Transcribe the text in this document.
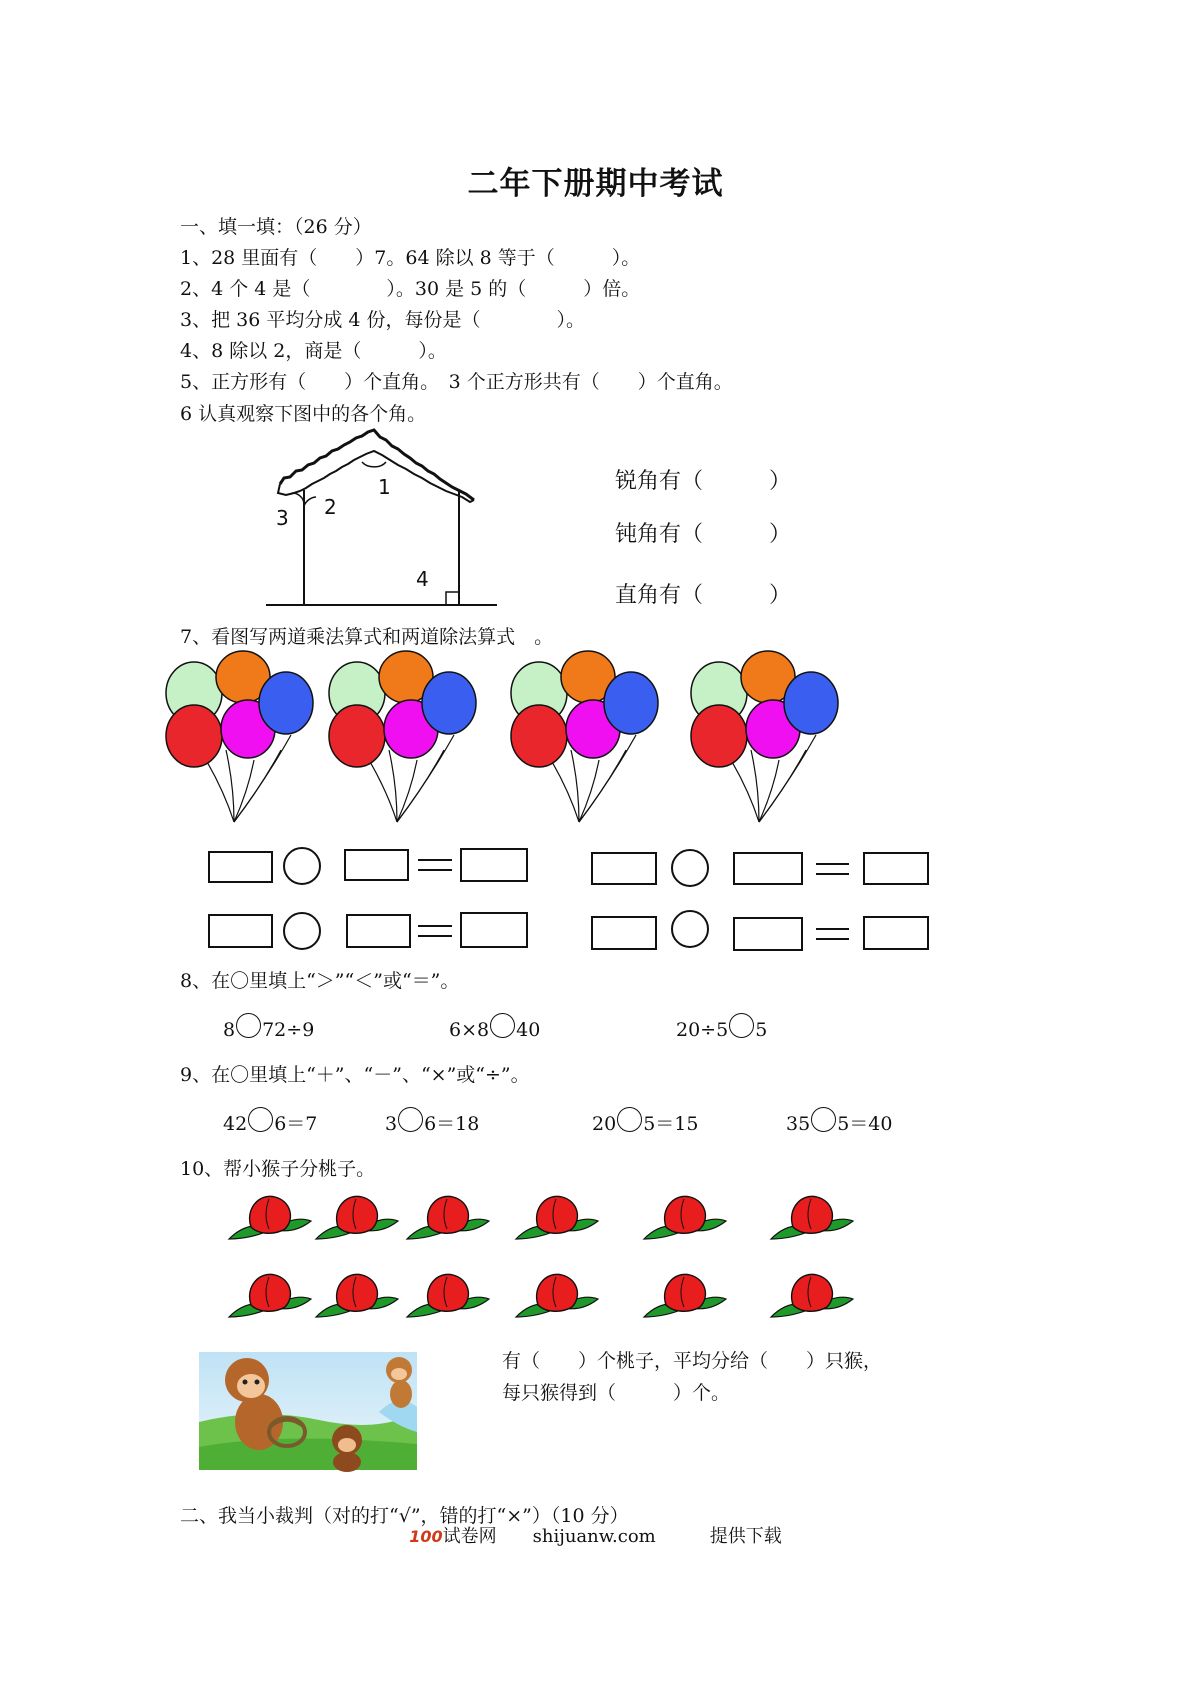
二年下册期中考试
一、填一填：（26 分）
1、28 里面有（　　）7。64 除以 8 等于（　　　）。
2、4 个 4 是（　　　　）。30 是 5 的（　　　）倍。
3、把 36 平均分成 4 份，每份是（　　　　）。
4、8 除以 2，商是（　　　）。
5、正方形有（　　）个直角。　3 个正方形共有（　　）个直角。
6 认真观察下图中的各个角。
1
2
3
4
锐角有（　　　）
钝角有（　　　）
直角有（　　　）
7、看图写两道乘法算式和两道除法算式　。
8、在〇里填上“＞”“＜”或“＝”。
8 72÷9	6×8 40	20÷5 5
9、在〇里填上“＋”、“－”、“×”或“÷”。
42 6＝7	3 6＝18	20 5＝15	35 5＝40
10、帮小猴子分桃子。
有（　　）个桃子，平均分给（　　）只猴，
每只猴得到（　　　）个。
二、我当小裁判（对的打“√”，错的打“×”）（10 分）
100试卷网　　shijuanw.com　　　提供下载
